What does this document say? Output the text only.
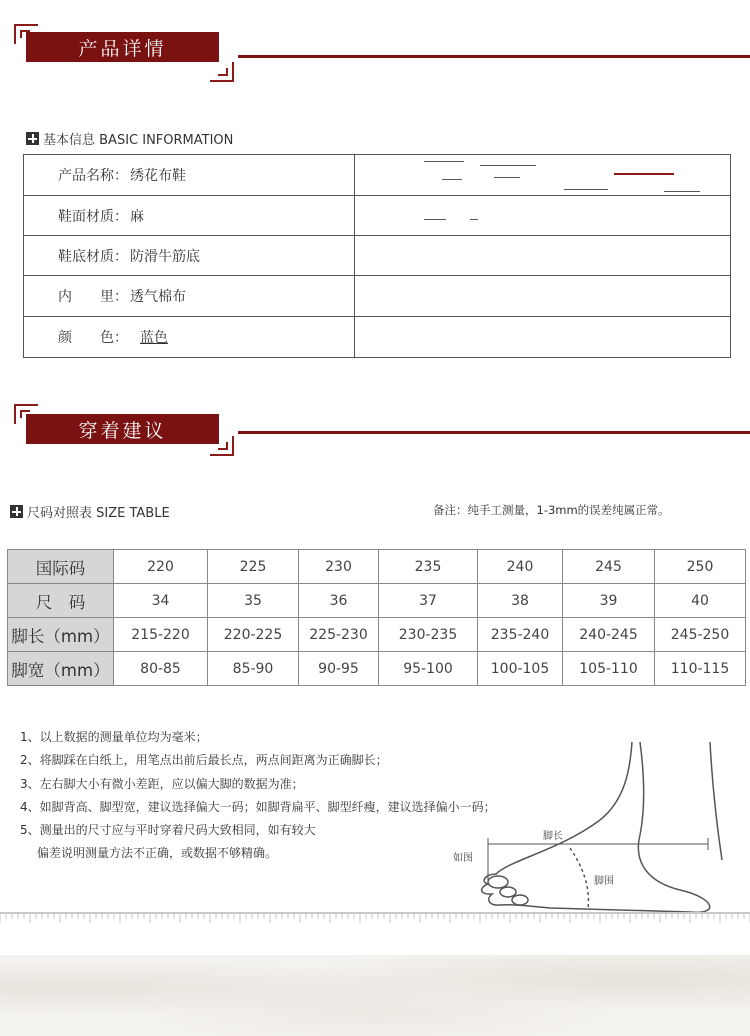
产品详情
基本信息 BASIC INFORMATION
产品名称： 绣花布鞋
鞋面材质： 麻
鞋底材质： 防滑牛筋底
内　　里： 透气棉布
颜　　色： 蓝色
穿着建议
尺码对照表 SIZE TABLE	备注：纯手工测量，1-3mm的误差纯属正常。
国际码	220	225	230	235	240	245	250
尺　码	34	35	36	37	38	39	40
脚长（mm）	215-220	220-225	225-230	230-235	235-240	240-245	245-250
脚宽（mm）	80-85	85-90	90-95	95-100	100-105	105-110	110-115
1、以上数据的测量单位均为毫米；
2、将脚踩在白纸上，用笔点出前后最长点，两点间距离为正确脚长；
3、左右脚大小有微小差距，应以偏大脚的数据为准；
4、如脚背高、脚型宽，建议选择偏大一码；如脚背扁平、脚型纤瘦，建议选择偏小一码；
5、测量出的尺寸应与平时穿着尺码大致相同，如有较大
偏差说明测量方法不正确，或数据不够精确。	如图
脚长
脚围
